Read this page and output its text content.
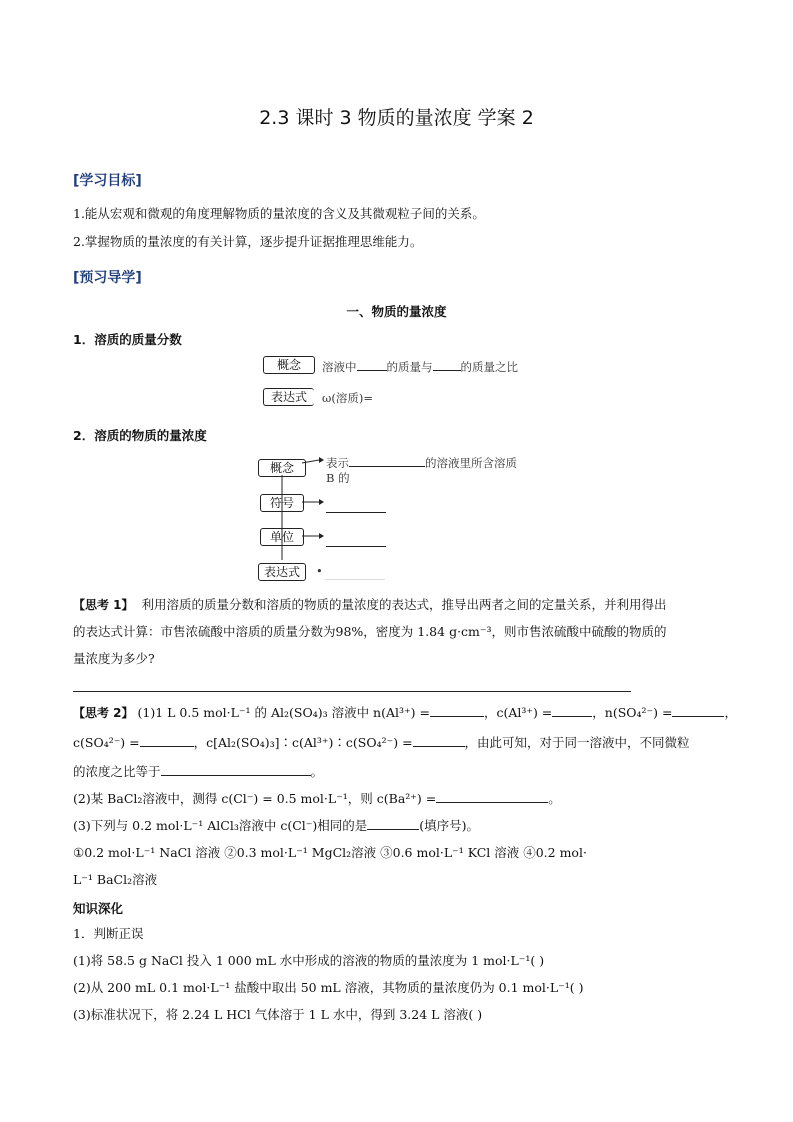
2.3 课时 3 物质的量浓度 学案 2
[学习目标]
1.能从宏观和微观的角度理解物质的量浓度的含义及其微观粒子间的关系。
2.掌握物质的量浓度的有关计算，逐步提升证据推理思维能力。
[预习导学]
一、物质的量浓度
1．溶质的质量分数
概念	溶液中	的质量与 的质量之比
表达式	ω(溶质)=
2．溶质的物质的量浓度
概念	表示	的溶液里所含溶质
B 的
符号
单位
表达式	•
【思考 1】 利用溶质的质量分数和溶质的物质的量浓度的表达式，推导出两者之间的定量关系，并利用得出
的表达式计算：市售浓硫酸中溶质的质量分数为98%，密度为 1.84 g·cm⁻³，则市售浓硫酸中硫酸的物质的
量浓度为多少?
【思考 2】 (1)1 L 0.5 mol·L⁻¹ 的 Al₂(SO₄)₃ 溶液中 n(Al³⁺) =	，c(Al³⁺) =	，n(SO₄²⁻) =	，
c(SO₄²⁻) =	，c[Al₂(SO₄)₃]∶c(Al³⁺)∶c(SO₄²⁻) =	，由此可知，对于同一溶液中，不同微粒
的浓度之比等于	。
(2)某 BaCl₂溶液中，测得 c(Cl⁻) = 0.5 mol·L⁻¹，则 c(Ba²⁺) =	。
(3)下列与 0.2 mol·L⁻¹ AlCl₃溶液中 c(Cl⁻)相同的是	(填序号)。
①0.2 mol·L⁻¹ NaCl 溶液 ②0.3 mol·L⁻¹ MgCl₂溶液 ③0.6 mol·L⁻¹ KCl 溶液 ④0.2 mol·
L⁻¹ BaCl₂溶液
知识深化
1．判断正误
(1)将 58.5 g NaCl 投入 1 000 mL 水中形成的溶液的物质的量浓度为 1 mol·L⁻¹( )
(2)从 200 mL 0.1 mol·L⁻¹ 盐酸中取出 50 mL 溶液，其物质的量浓度仍为 0.1 mol·L⁻¹( )
(3)标准状况下，将 2.24 L HCl 气体溶于 1 L 水中，得到 3.24 L 溶液( )
